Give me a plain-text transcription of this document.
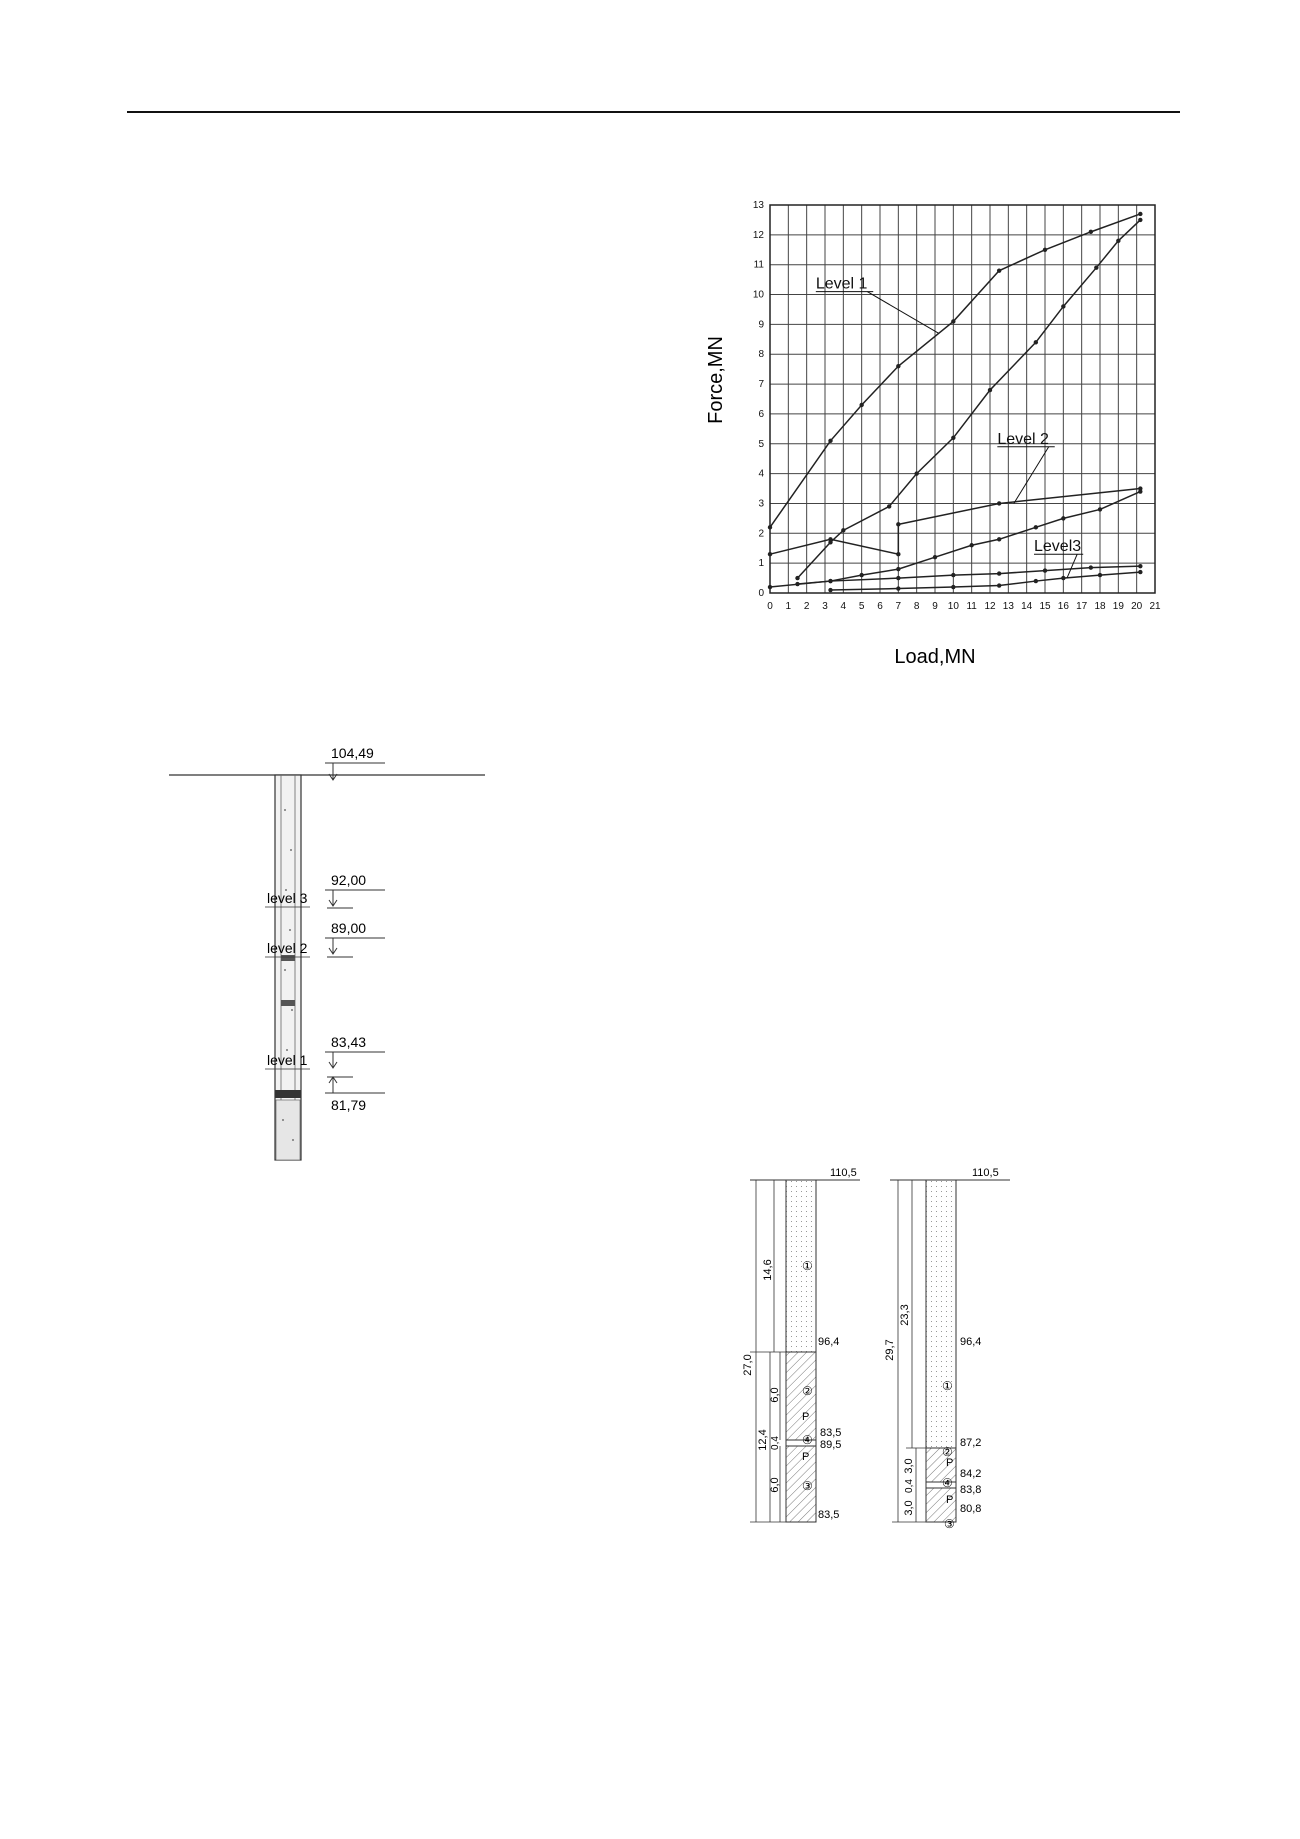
0 1 2 3 4 5 6 7 8 9 10 11 12 13 14 15 16 17 18 19 20 21
0
1
2
3
4
5
6
7
8
9
10
11
12
13
Level 1
Level 2
Level3
Load,MN
Force,MN
104,49
92,00
89,00
83,43
81,79
level 3
level 2
level 1
110,5
27,0
14,6
12,4
6,0
0,4
6,0
96,4
83,5
89,5
83,5
①
②
④
③
P
P
110,5
29,7
23,3
3,0
0,4
3,0
96,4
87,2
84,2
83,8
80,8
①
②
④
③
P
P
